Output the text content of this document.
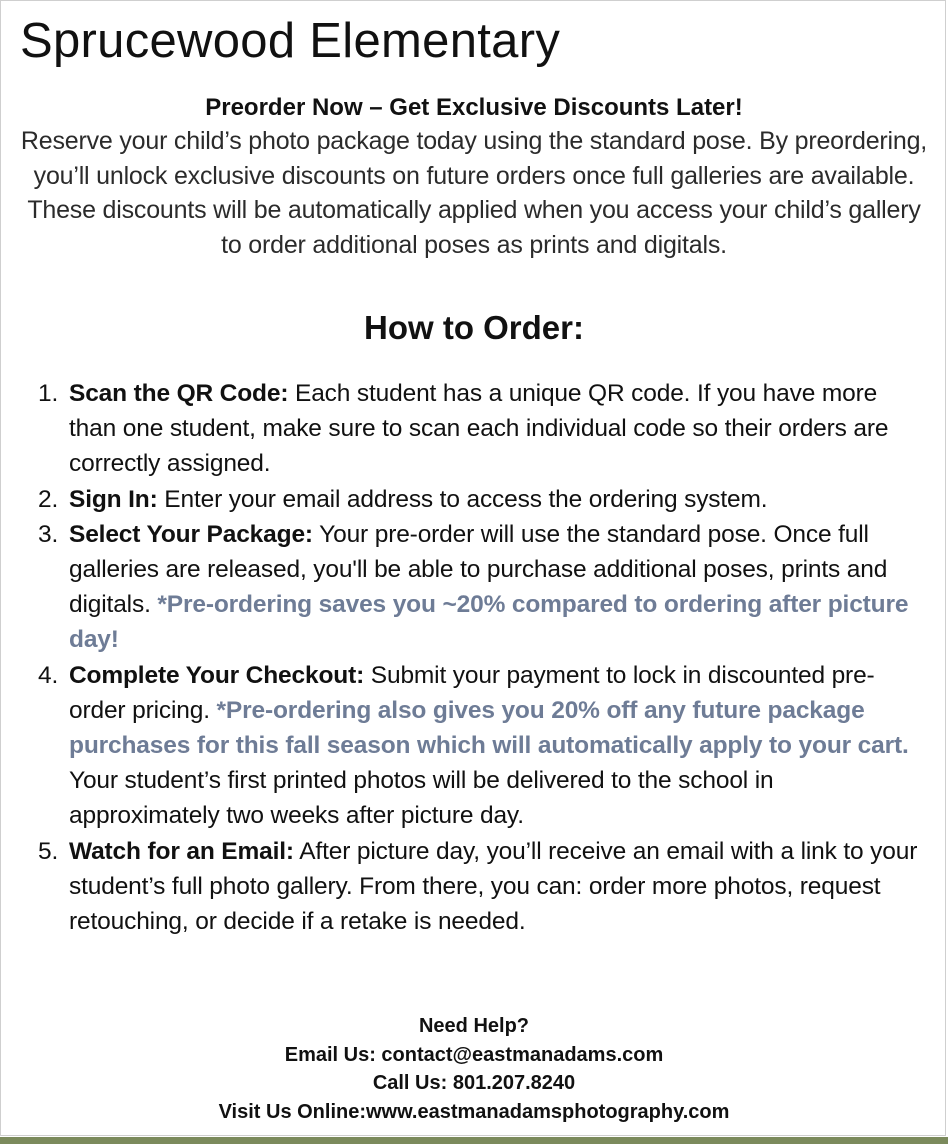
Sprucewood Elementary

Preorder Now – Get Exclusive Discounts Later!

Reserve your child’s photo package today using the standard pose. By preordering, you’ll unlock exclusive discounts on future orders once full galleries are available. These discounts will be automatically applied when you access your child’s gallery to order additional poses as prints and digitals.

How to Order:
1. Scan the QR Code: Each student has a unique QR code. If you have more than one student, make sure to scan each individual code so their orders are correctly assigned.
2. Sign In: Enter your email address to access the ordering system.
3. Select Your Package: Your pre-order will use the standard pose. Once full galleries are released, you'll be able to purchase additional poses, prints and digitals. *Pre-ordering saves you ~20% compared to ordering after picture day!
4. Complete Your Checkout: Submit your payment to lock in discounted pre-order pricing. *Pre-ordering also gives you 20% off any future package purchases for this fall season which will automatically apply to your cart. Your student’s first printed photos will be delivered to the school in approximately two weeks after picture day.
5. Watch for an Email: After picture day, you’ll receive an email with a link to your student’s full photo gallery. From there, you can: order more photos, request retouching, or decide if a retake is needed.

Need Help?

Email Us: contact@eastmanadams.com

Call Us: 801.207.8240

Visit Us Online:www.eastmanadamsphotography.com
